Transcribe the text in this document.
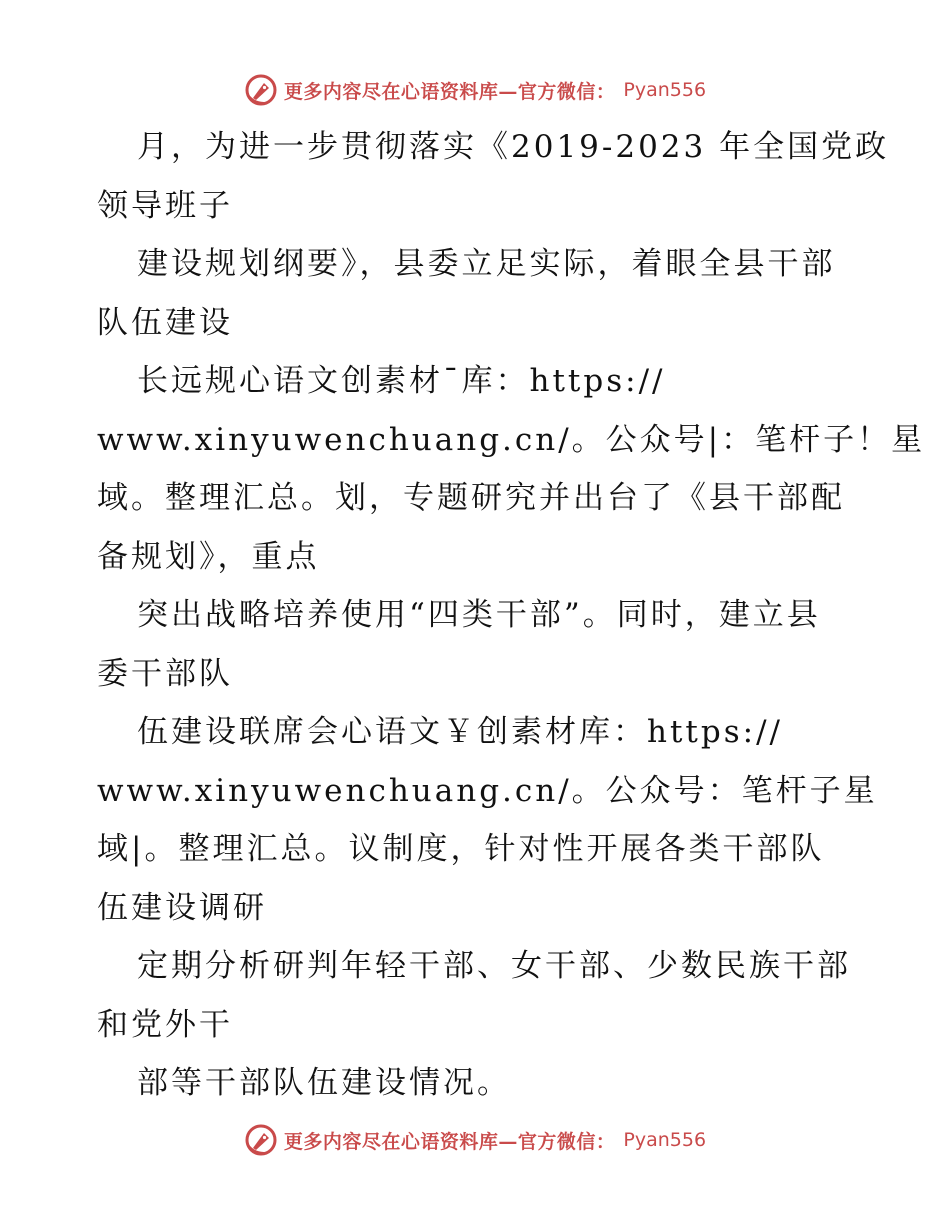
更多内容尽在心语资料库—官方微信： Pyan556
月，为进一步贯彻落实《2019-2023 年全国党政
领导班子
建设规划纲要》，县委立足实际，着眼全县干部
队伍建设
长远规心语文创素材¯库：https://
www.xinyuwenchuang.cn/。公众号|：笔杆子！星
域。整理汇总。划，专题研究并出台了《县干部配
备规划》，重点
突出战略培养使用“四类干部”。同时，建立县
委干部队
伍建设联席会心语文￥创素材库：https://
www.xinyuwenchuang.cn/。公众号：笔杆子星
域|。整理汇总。议制度，针对性开展各类干部队
伍建设调研
定期分析研判年轻干部、女干部、少数民族干部
和党外干
部等干部队伍建设情况。
更多内容尽在心语资料库—官方微信： Pyan556
